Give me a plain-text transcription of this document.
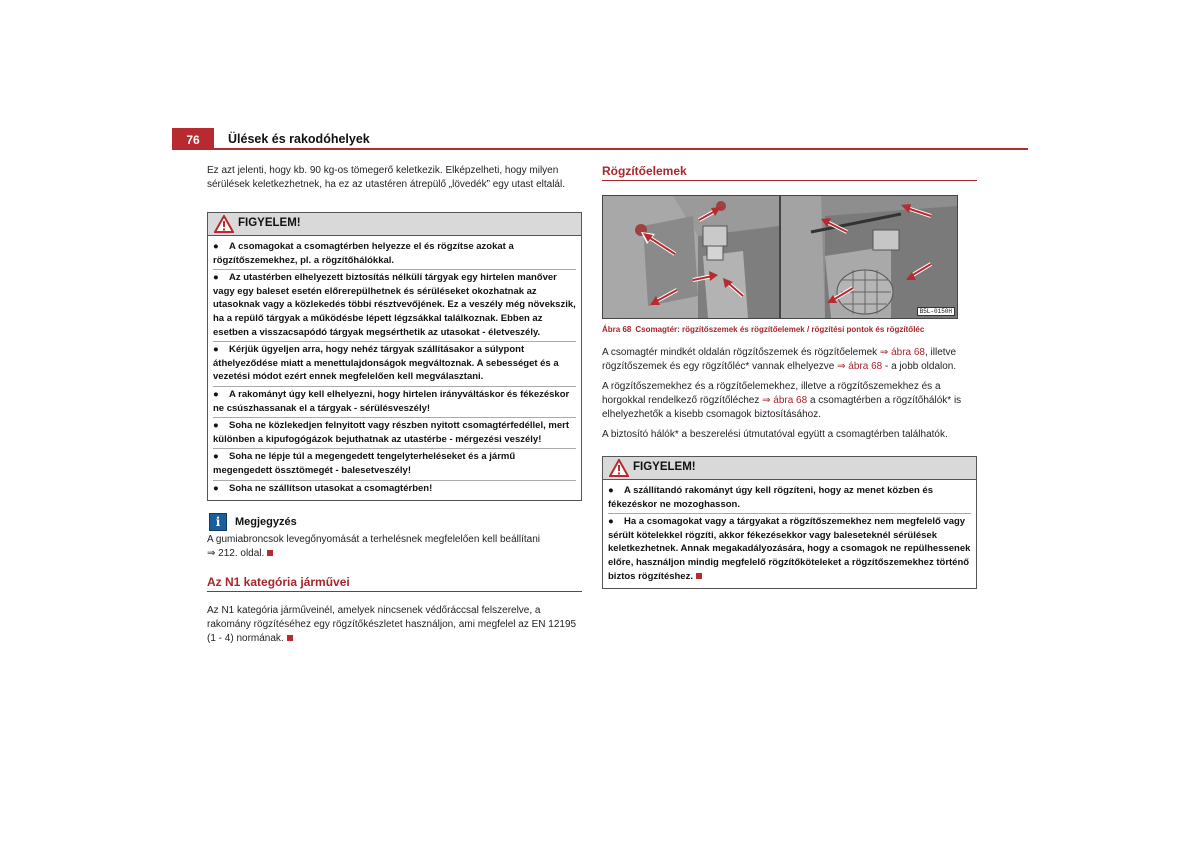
76	Ülések és rakodóhelyek

Ez azt jelenti, hogy kb. 90 kg-os tömegerő keletkezik. Elképzelheti, hogy milyen sérülések keletkezhetnek, ha ez az utastéren átrepülő „lövedék” egy utast eltalál.

FIGYELEM!
● A csomagokat a csomagtérben helyezze el és rögzítse azokat a rögzítőszemekhez, pl. a rögzítőhálókkal.
● Az utastérben elhelyezett biztosítás nélküli tárgyak egy hirtelen manőver vagy egy baleset esetén előrerepülhetnek és sérüléseket okozhatnak az utasoknak vagy a közlekedés többi résztvevőjének. Ez a veszély még növekszik, ha a repülő tárgyak a működésbe lépett légzsákkal találkoznak. Ebben az esetben a visszacsapódó tárgyak megsérthetik az utasokat - életveszély.
● Kérjük ügyeljen arra, hogy nehéz tárgyak szállításakor a súlypont áthelyeződése miatt a menettulajdonságok megváltoznak. A sebességet és a vezetési módot ezért ennek megfelelően kell megválasztani.
● A rakományt úgy kell elhelyezni, hogy hirtelen irányváltáskor és fékezéskor ne csúszhassanak el a tárgyak - sérülésveszély!
● Soha ne közlekedjen felnyitott vagy részben nyitott csomagtérfedéllel, mert különben a kipufogógázok bejuthatnak az utastérbe - mérgezési veszély!
● Soha ne lépje túl a megengedett tengelyterheléseket és a jármű megengedett össztömegét - balesetveszély!
● Soha ne szállítson utasokat a csomagtérben!
i	Megjegyzés

A gumiabroncsok levegőnyomását a terhelésnek megfelelően kell beállítani
⇒ 212. oldal.

Az N1 kategória járművei

Az N1 kategória járműveinél, amelyek nincsenek védőráccsal felszerelve, a rakomány rögzítéséhez egy rögzítőkészletet használjon, ami megfelel az EN 12195 (1 - 4) normának.

Rögzítőelemek
B5L-0150H
Ábra 68 Csomagtér: rögzítőszemek és rögzítőelemek / rögzítési pontok és rögzítőléc

A csomagtér mindkét oldalán rögzítőszemek és rögzítőelemek ⇒ ábra 68, illetve rögzítőszemek és egy rögzítőléc* vannak elhelyezve ⇒ ábra 68 - a jobb oldalon.

A rögzítőszemekhez és a rögzítőelemekhez, illetve a rögzítőszemekhez és a horgokkal rendelkező rögzítőléchez ⇒ ábra 68 a csomagtérben a rögzítőhálók* is elhelyezhetők a kisebb csomagok biztosításához.

A biztosító hálók* a beszerelési útmutatóval együtt a csomagtérben találhatók.

FIGYELEM!
● A szállítandó rakományt úgy kell rögzíteni, hogy az menet közben és fékezéskor ne mozoghasson.
● Ha a csomagokat vagy a tárgyakat a rögzítőszemekhez nem megfelelő vagy sérült kötelekkel rögzíti, akkor fékezésekkor vagy baleseteknél sérülések keletkezhetnek. Annak megakadályozására, hogy a csomagok ne repülhessenek előre, használjon mindig megfelelő rögzítőköteleket a rögzítőszemekhez történő biztos rögzítéshez.
